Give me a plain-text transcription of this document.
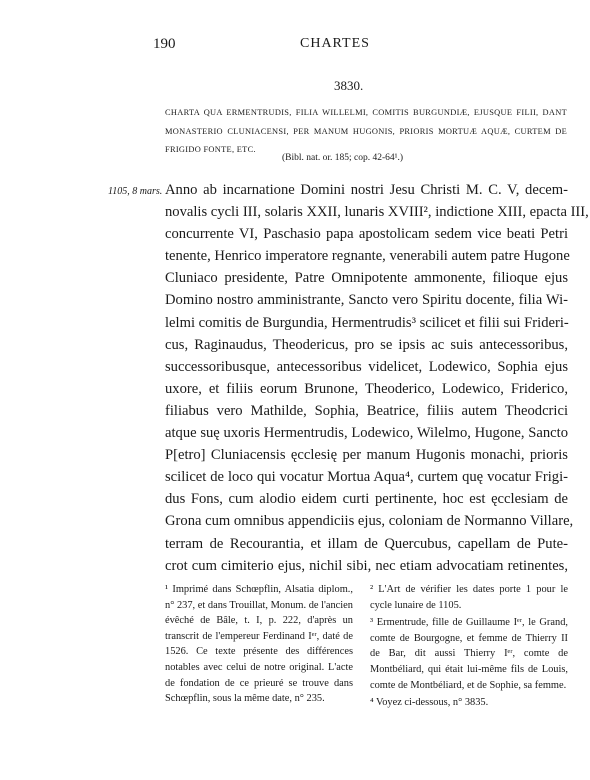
190	CHARTES
3830.
CHARTA QUA ERMENTRUDIS, FILIA WILLELMI, COMITIS BURGUNDIÆ, EJUSQUE FILII, DANT
MONASTERIO CLUNIACENSI, PER MANUM HUGONIS, PRIORIS MORTUÆ AQUÆ, CURTEM DE
FRIGIDO FONTE, ETC.
(Bibl. nat. or. 185; cop. 42-64¹.)
1105, 8 mars. Anno ab incarnatione Domini nostri Jesu Christi M. C. V, decem-
novalis cycli III, solaris XXII, lunaris XVIII², indictione XIII, epacta III,
concurrente VI, Paschasio papa apostolicam sedem vice beati Petri
tenente, Henrico imperatore regnante, venerabili autem patre Hugone
Cluniaco presidente, Patre Omnipotente ammonente, filioque ejus
Domino nostro amministrante, Sancto vero Spiritu docente, filia Wi-
lelmi comitis de Burgundia, Hermentrudis³ scilicet et filii sui Frideri-
cus, Raginaudus, Theodericus, pro se ipsis ac suis antecessoribus,
successoribusque, antecessoribus videlicet, Lodewico, Sophia ejus
uxore, et filiis eorum Brunone, Theoderico, Lodewico, Friderico,
filiabus vero Mathilde, Sophia, Beatrice, filiis autem Theodcrici
atque suę uxoris Hermentrudis, Lodewico, Wilelmo, Hugone, Sancto
P[etro] Cluniacensis ęcclesię per manum Hugonis monachi, prioris
scilicet de loco qui vocatur Mortua Aqua⁴, curtem quę vocatur Frigi-
dus Fons, cum alodio eidem curti pertinente, hoc est ęcclesiam de
Grona cum omnibus appendiciis ejus, coloniam de Normanno Villare,
terram de Recourantia, et illam de Quercubus, capellam de Pute-
crot cum cimiterio ejus, nichil sibi, nec etiam advocatiam retinentes,

¹ Imprimé dans Schœpflin, Alsatia diplom., n° 237, et dans Trouillat, Monum. de l'ancien évêché de Bâle, t. I, p. 222, d'après un transcrit de l'empereur Ferdinand Iᵉʳ, daté de 1526. Ce texte présente des différences notables avec celui de notre original. L'acte de fondation de ce prieuré se trouve dans Schœpflin, sous la même date, n° 235.

² L'Art de vérifier les dates porte 1 pour le cycle lunaire de 1105.

³ Ermentrude, fille de Guillaume Iᵉʳ, le Grand, comte de Bourgogne, et femme de Thierry II de Bar, dit aussi Thierry Iᵉʳ, comte de Montbéliard, qui était lui-même fils de Louis, comte de Montbéliard, et de Sophie, sa femme.

⁴ Voyez ci-dessous, n° 3835.
